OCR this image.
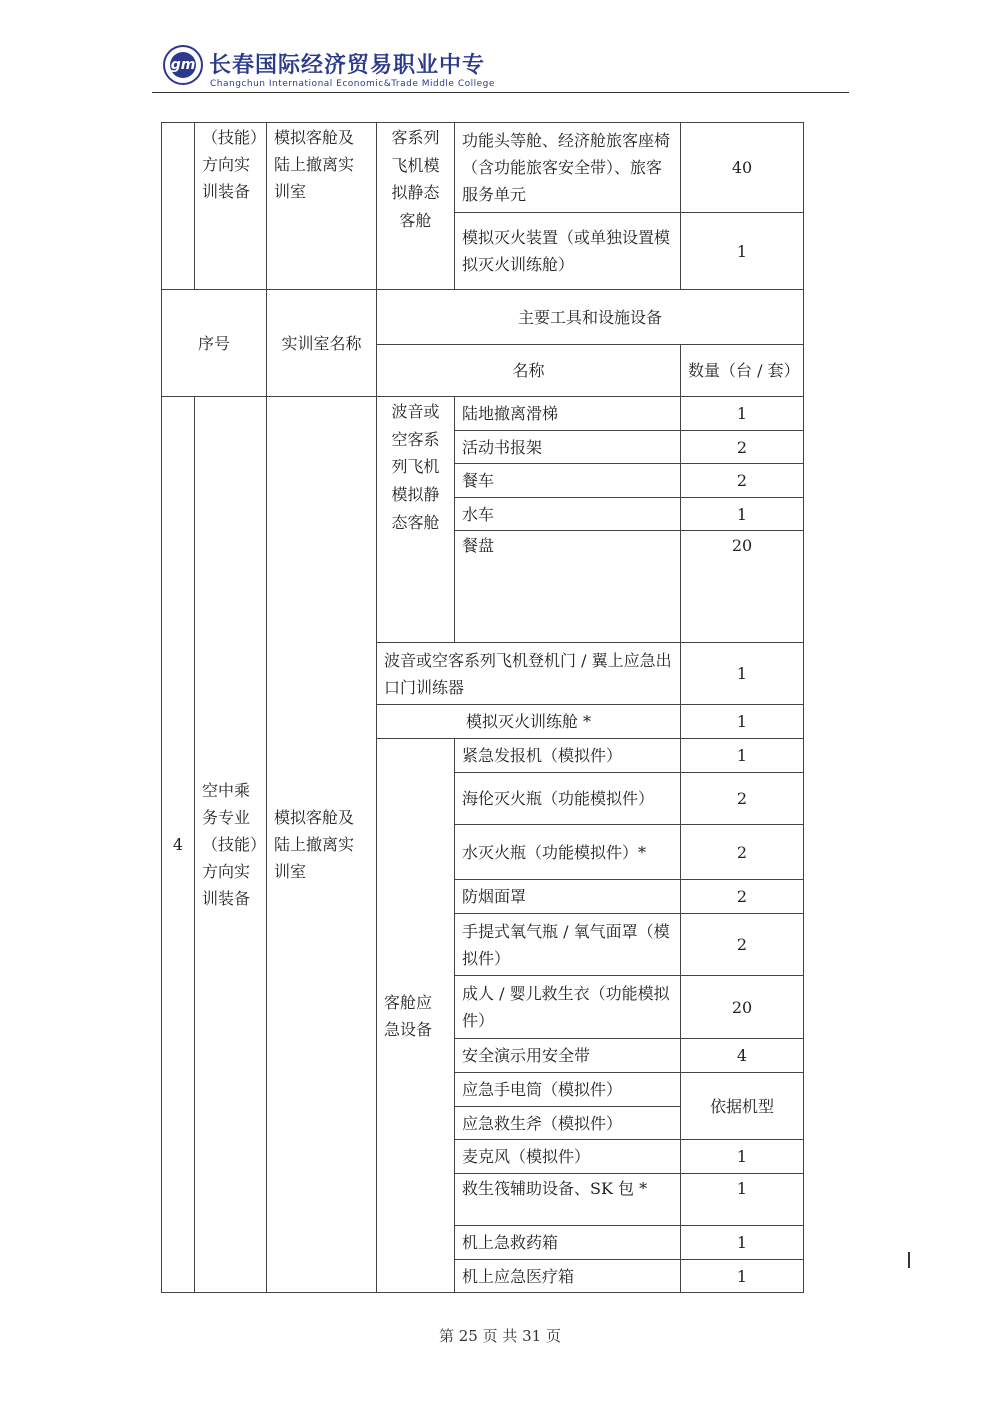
gm 长春国际经济贸易职业中专
Changchun International Economic&Trade Middle College
	（技能）方向实训装备	模拟客舱及陆上撤离实训室	客系列飞机模拟静态客舱	功能头等舱、经济舱旅客座椅（含功能旅客安全带）、旅客服务单元	40
				模拟灭火装置（或单独设置模拟灭火训练舱）	1
序号		实训室名称	主要工具和设施设备		
			名称		数量（台 / 套）
4	空中乘务专业（技能）方向实训装备	模拟客舱及陆上撤离实训室	波音或空客系列飞机模拟静态客舱	陆地撤离滑梯	1
				活动书报架	2
				餐车	2
				水车	1
				餐盘	20
			波音或空客系列飞机登机门 / 翼上应急出口门训练器		1
			模拟灭火训练舱 *		1
			客舱应急设备	紧急发报机（模拟件）	1
				海伦灭火瓶（功能模拟件）	2
				水灭火瓶（功能模拟件）*	2
				防烟面罩	2
				手提式氧气瓶 / 氧气面罩（模拟件）	2
				成人 / 婴儿救生衣（功能模拟件）	20
				安全演示用安全带	4
				应急手电筒（模拟件）	依据机型
				应急救生斧（模拟件）	
				麦克风（模拟件）	1
				救生筏辅助设备、SK 包 *	1
				机上急救药箱	1
				机上应急医疗箱	1
第 25 页 共 31 页
